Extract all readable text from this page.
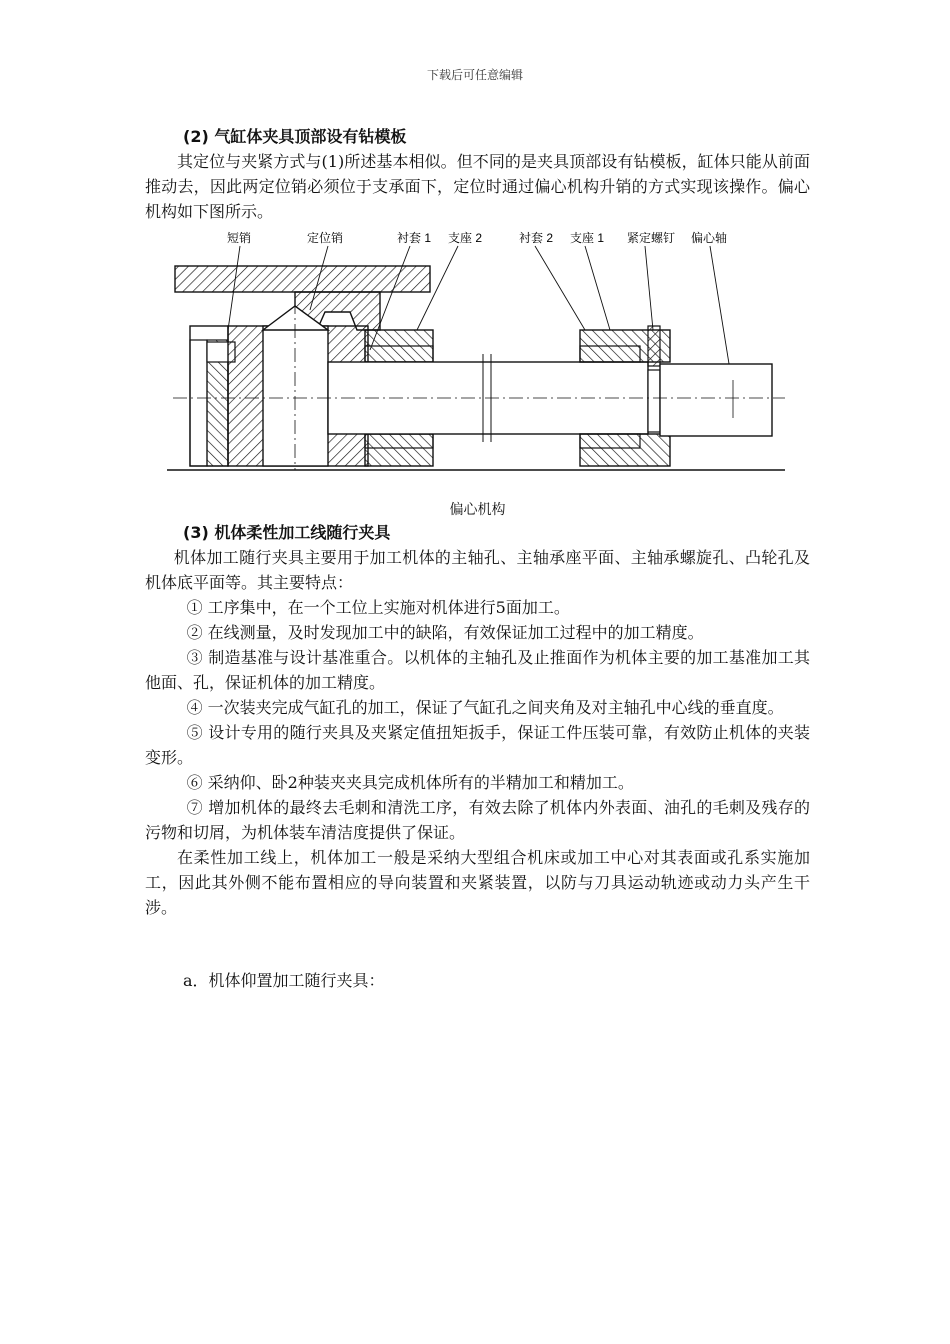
下载后可任意编辑

(2) 气缸体夹具顶部设有钻模板

其定位与夹紧方式与(1)所述基本相似。但不同的是夹具顶部设有钻模板，缸体只能从前面推动去，因此两定位销必须位于支承面下，定位时通过偏心机构升销的方式实现该操作。偏心机构如下图所示。

短销	定位销	衬套 1 支座 2	衬套 2 支座 1 紧定螺钉 偏心轴

偏心机构

(3) 机体柔性加工线随行夹具

机体加工随行夹具主要用于加工机体的主轴孔、主轴承座平面、主轴承螺旋孔、凸轮孔及机体底平面等。其主要特点：

① 工序集中，在一个工位上实施对机体进行5面加工。

② 在线测量，及时发现加工中的缺陷，有效保证加工过程中的加工精度。

③ 制造基准与设计基准重合。以机体的主轴孔及止推面作为机体主要的加工基准加工其他面、孔，保证机体的加工精度。

④ 一次装夹完成气缸孔的加工，保证了气缸孔之间夹角及对主轴孔中心线的垂直度。

⑤ 设计专用的随行夹具及夹紧定值扭矩扳手，保证工件压装可靠，有效防止机体的夹装变形。

⑥ 采纳仰、卧2种装夹夹具完成机体所有的半精加工和精加工。

⑦ 增加机体的最终去毛刺和清洗工序，有效去除了机体内外表面、油孔的毛刺及残存的污物和切屑，为机体装车清洁度提供了保证。

在柔性加工线上，机体加工一般是采纳大型组合机床或加工中心对其表面或孔系实施加工，因此其外侧不能布置相应的导向装置和夹紧装置，以防与刀具运动轨迹或动力头产生干涉。

a．机体仰置加工随行夹具：
